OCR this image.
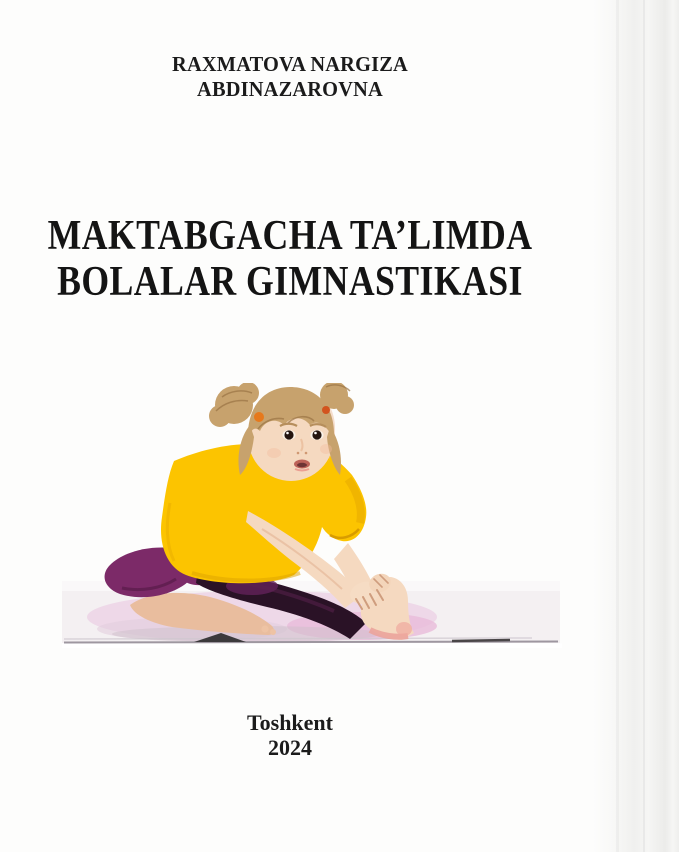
RAXMATOVA NARGIZA
ABDINAZAROVNA
MAKTABGACHA TA’LIMDA
BOLALAR GIMNASTIKASI
Toshkent
2024
